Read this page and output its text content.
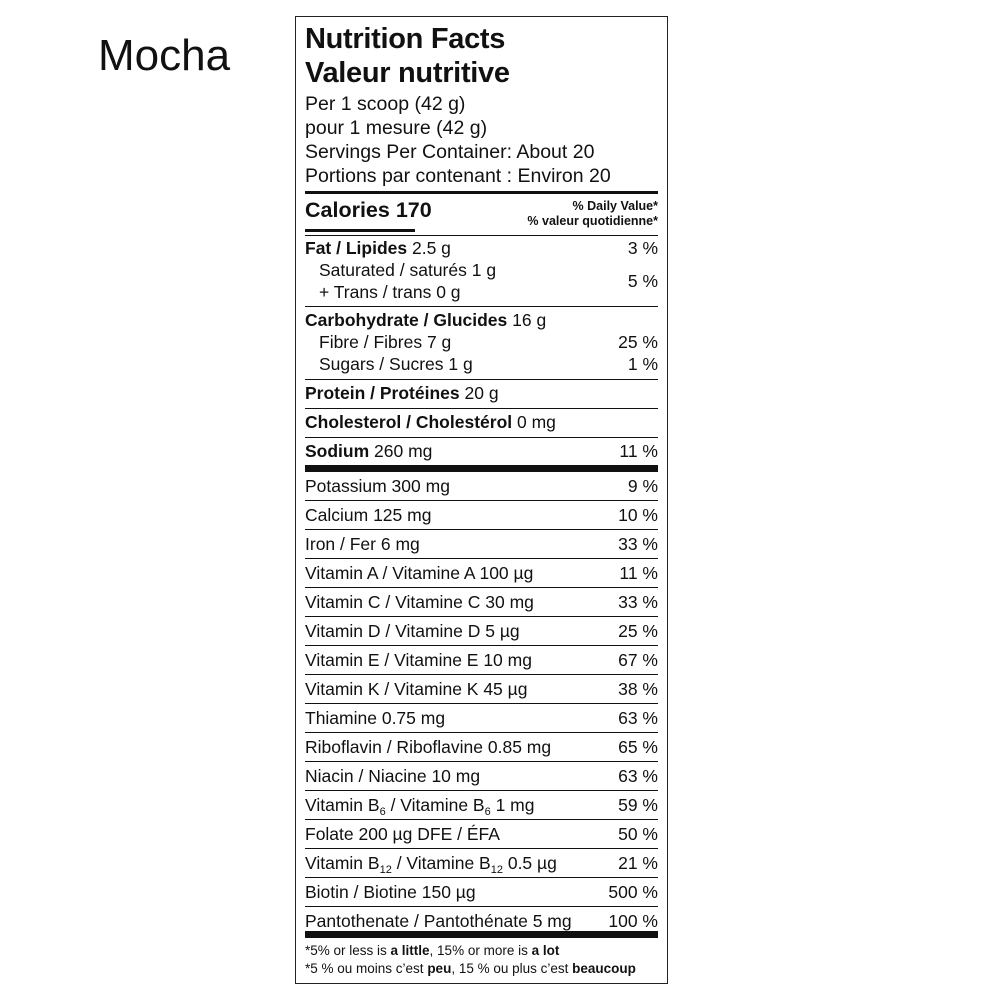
Mocha	Nutrition Facts
Valeur nutritive
Per 1 scoop (42 g)
pour 1 mesure (42 g)
Servings Per Container: About 20
Portions par contenant : Environ 20
Calories 170	% Daily Value*
% valeur quotidienne*
Fat / Lipides 2.5 g	3 %
Saturated / saturés 1 g
+ Trans / trans 0 g
5 %
Carbohydrate / Glucides 16 g
Fibre / Fibres 7 g	25 %
Sugars / Sucres 1 g	1 %
Protein / Protéines 20 g
Cholesterol / Cholestérol 0 mg
Sodium 260 mg	11 %
Potassium 300 mg	9 %
Calcium 125 mg	10 %
Iron / Fer 6 mg	33 %
Vitamin A / Vitamine A 100 µg	11 %
Vitamin C / Vitamine C 30 mg	33 %
Vitamin D / Vitamine D 5 µg	25 %
Vitamin E / Vitamine E 10 mg	67 %
Vitamin K / Vitamine K 45 µg	38 %
Thiamine 0.75 mg	63 %
Riboflavin / Riboflavine 0.85 mg	65 %
Niacin / Niacine 10 mg	63 %
Vitamin $B_6$ / Vitamine $B_6$ 1 mg	59 %
Folate 200 µg DFE / ÉFA	50 %
Vitamin $B_{12}$ / Vitamine $B_{12}$ 0.5 µg	21 %
Biotin / Biotine 150 µg	500 %
Pantothenate / Pantothénate 5 mg 100 %
*5% or less is a little, 15% or more is a lot
*5 % ou moins c’est peu, 15 % ou plus c’est beaucoup
